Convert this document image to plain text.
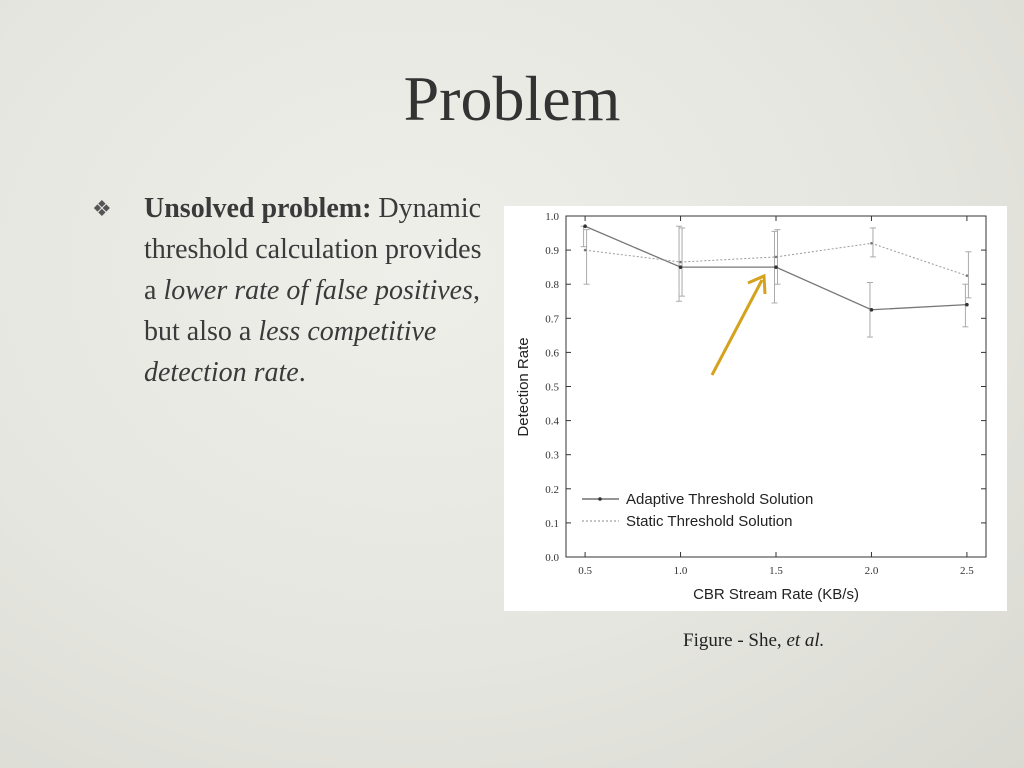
Problem
❖ Unsolved problem: Dynamic threshold calculation provides a lower rate of false positives, but also a less competitive detection rate.
0.0
0.1
0.2
0.3
0.4
0.5
0.6
0.7
0.8
0.9
1.0
0.5	1.0	1.5	2.0	2.5
CBR Stream Rate (KB/s)
Detection Rate
Adaptive Threshold Solution
Static Threshold Solution
Figure - She, et al.
